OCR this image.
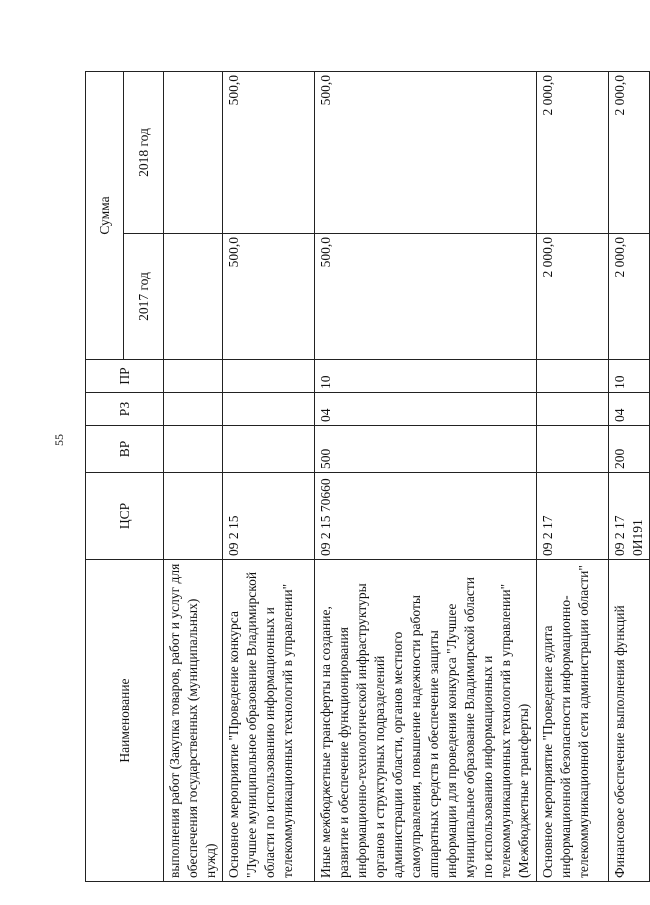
55
Наименование	ЦСР	ВР	РЗ	ПР	Сумма	
					2017 год	2018 год
выполнения работ (Закупка товаров, работ и услуг для обеспечения государственных (муниципальных) нужд)						
Основное мероприятие "Проведение конкурса "Лучшее муниципальное образование Владимирской области по использованию информационных и телекоммуникационных технологий в управлении"	09 2 15				500,0	500,0
Иные межбюджетные трансферты на создание, развитие и обеспечение функционирования информационно-технологической инфраструктуры органов и структурных подразделений администрации области, органов местного самоуправления, повышение надежности работы аппаратных средств и обеспечение защиты информации для проведения конкурса "Лучшее муниципальное образование Владимирской области по использованию информационных и телекоммуникационных технологий в управлении" (Межбюджетные трансферты)	09 2 15 70660	500	04	10	500,0	500,0
Основное мероприятие "Проведение аудита информационной безопасности информационно-телекоммуникационной сети администрации области"	09 2 17				2 000,0	2 000,0
Финансовое обеспечение выполнения функций	09 2 17 0И191	200	04	10	2 000,0	2 000,0
